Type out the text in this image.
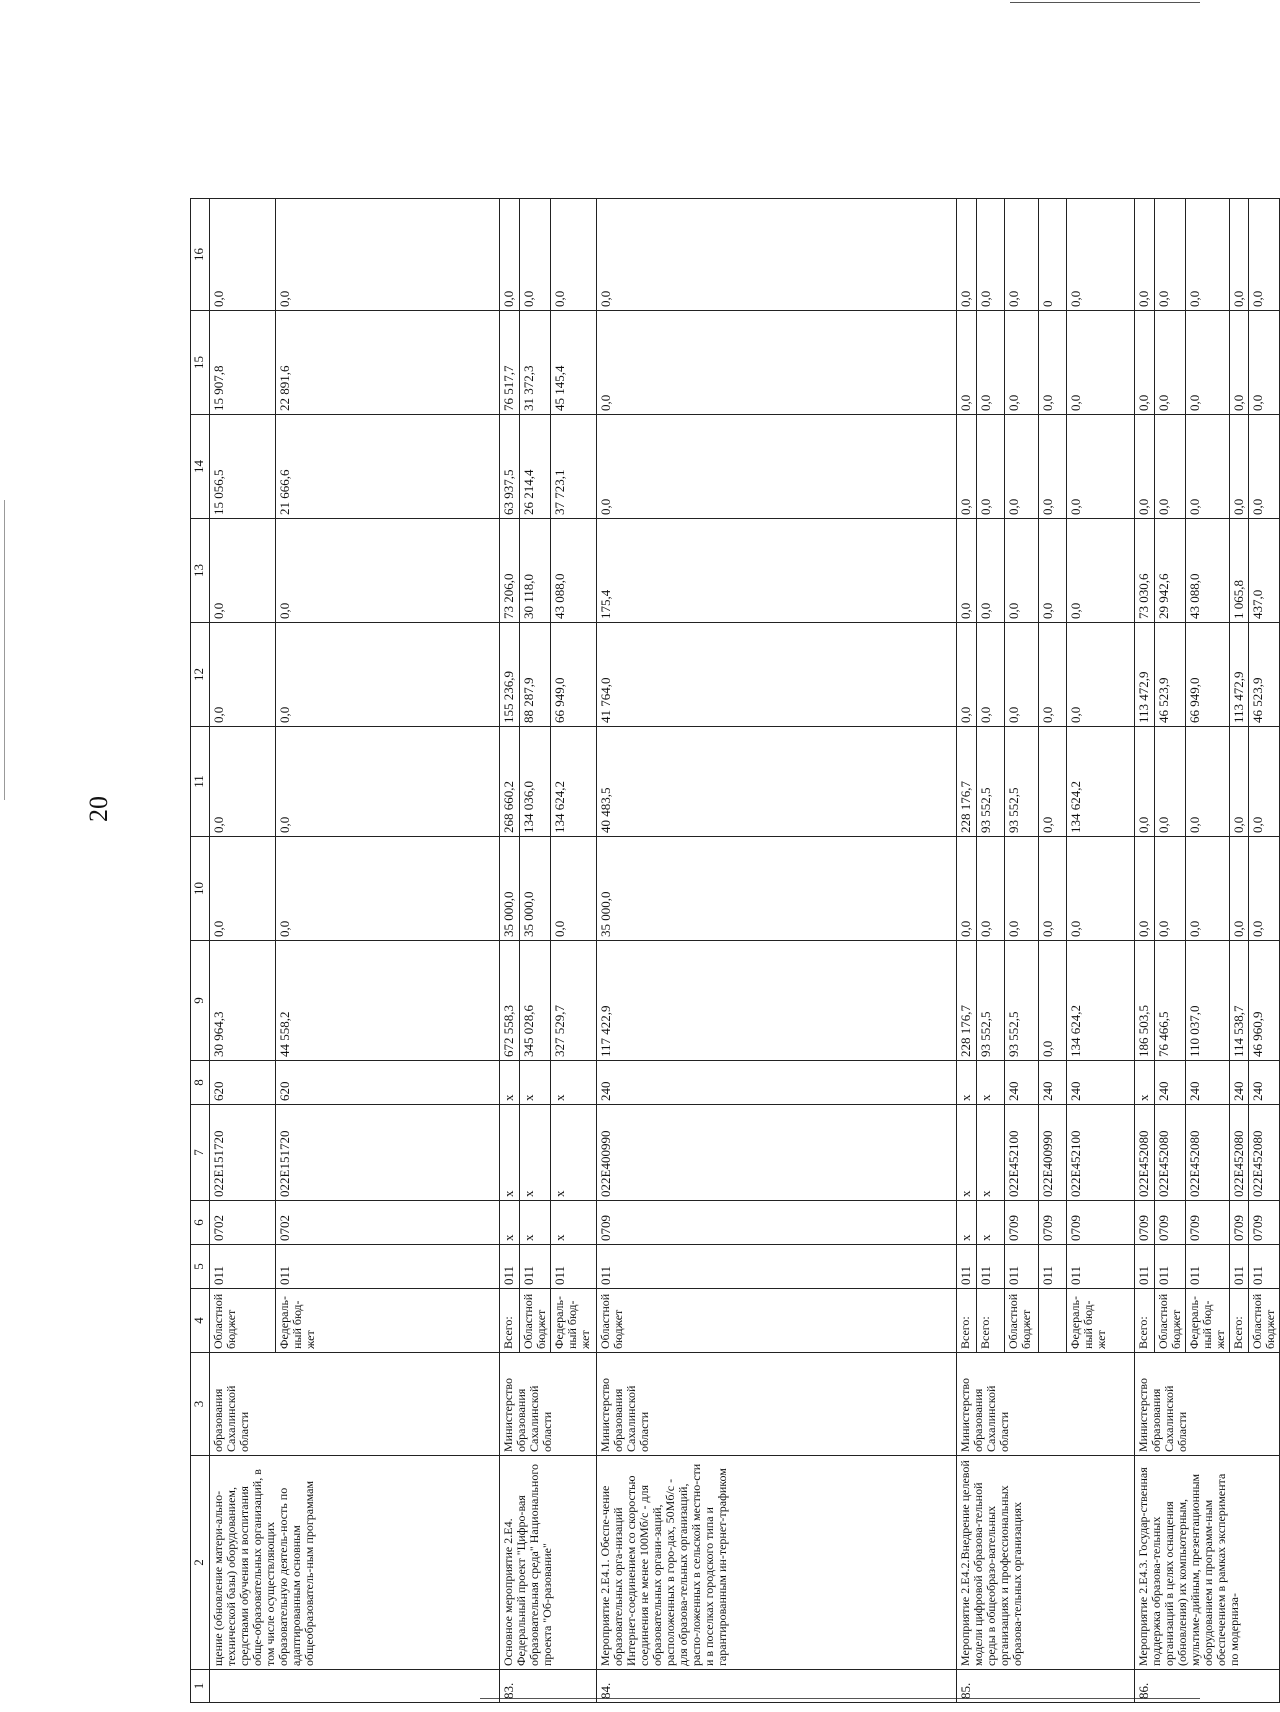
20
1	2	3	4	5	6	7	8	9	10	11	12	13	14	15	16
	щение (обновление матери-ально- технической базы) оборудованием, средствами обучения и воспитания обще-образовательных организаций, в том числе осуществляющих образовательную деятель-ность по адаптированным основным общеобразователь-ным программам	образования Сахалинской области	Областной бюджет	011	0702	022E151720	620	30 964,3	0,0	0,0	0,0	0,0	15 056,5	15 907,8	0,0
			Федераль-ный бюд-жет	011	0702	022E151720	620	44 558,2	0,0	0,0	0,0	0,0	21 666,6	22 891,6	0,0
83.	Основное мероприятие 2.Е4. Федеральный проект "Цифро-вая образовательная среда" Национального проекта "Об-разование"	Министерство образования Сахалинской области	Всего:	011	х	х	х	672 558,3	35 000,0	268 660,2	155 236,9	73 206,0	63 937,5	76 517,7	0,0
			Областной бюджет	011	х	х	х	345 028,6	35 000,0	134 036,0	88 287,9	30 118,0	26 214,4	31 372,3	0,0
			Федераль-ный бюд-жет	011	х	х	х	327 529,7	0,0	134 624,2	66 949,0	43 088,0	37 723,1	45 145,4	0,0
84.	Мероприятие 2.Е4.1. Обеспе-чение образовательных орга-низаций Интернет-соединением со скоростью соединения не менее 100Мб/с - для образовательных органи-заций, расположенных в горо-дах, 50Мб/с - для образова-тельных организаций, распо-ложенных в сельской местно-сти и в поселках городского типа и гарантированным ин-тернет-трафиком	Министерство образования Сахалинской области	Областной бюджет	011	0709	022E400990	240	117 422,9	35 000,0	40 483,5	41 764,0	175,4	0,0	0,0	0,0
85.	Мероприятие 2.Е4.2.Внедрение целевой модели цифровой образова-тельной среды в общеобразо-вательных организациях и профессиональных образова-тельных организациях	Министерство образования Сахалинской области	Всего:	011	х	х	х	228 176,7	0,0	228 176,7	0,0	0,0	0,0	0,0	0,0
			Всего:	011	х	х	х	93 552,5	0,0	93 552,5	0,0	0,0	0,0	0,0	0,0
			Областной бюджет	011	0709	022E452100	240	93 552,5	0,0	93 552,5	0,0	0,0	0,0	0,0	0,0
				011	0709	022E400990	240	0,0	0,0	0,0	0,0	0,0	0,0	0,0	0
			Федераль-ный бюд-жет	011	0709	022E452100	240	134 624,2	0,0	134 624,2	0,0	0,0	0,0	0,0	0,0
86.	Мероприятие 2.Е4.3. Государ-ственная поддержка образова-тельных организаций в целях оснащения (обновления) их компьютерным, мультиме-дийным, презентационным оборудованием и программ-ным обеспечением в рамках эксперимента по модерниза-	Министерство образования Сахалинской области	Всего:	011	0709	022E452080	х	186 503,5	0,0	0,0	113 472,9	73 030,6	0,0	0,0	0,0
			Областной бюджет	011	0709	022E452080	240	76 466,5	0,0	0,0	46 523,9	29 942,6	0,0	0,0	0,0
			Федераль-ный бюд-жет	011	0709	022E452080	240	110 037,0	0,0	0,0	66 949,0	43 088,0	0,0	0,0	0,0
			Всего:	011	0709	022E452080	240	114 538,7	0,0	0,0	113 472,9	1 065,8	0,0	0,0	0,0
			Областной бюджет	011	0709	022E452080	240	46 960,9	0,0	0,0	46 523,9	437,0	0,0	0,0	0,0
